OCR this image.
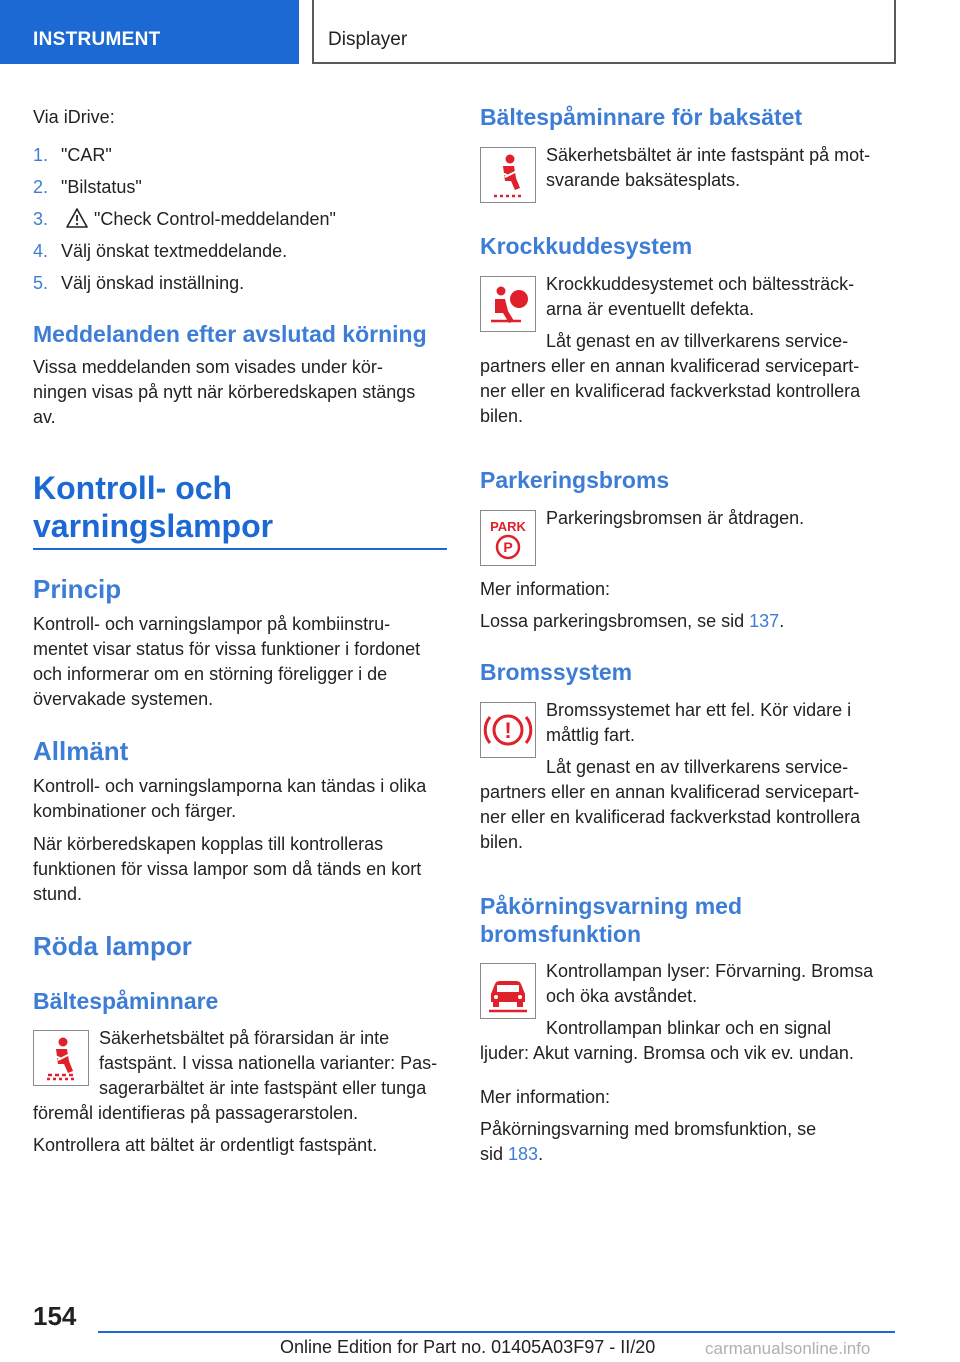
INSTRUMENT	Displayer
Via iDrive:
1. "CAR"
2. "Bilstatus"
3.	"Check Control-meddelanden"
4. Välj önskat textmeddelande.
5. Välj önskad inställning.
Meddelanden efter avslutad körning
Vissa meddelanden som visades under kör-
ningen visas på nytt när körberedskapen stängs
av.
Kontroll- och
varningslampor
Princip
Kontroll- och varningslampor på kombiinstru-
mentet visar status för vissa funktioner i fordonet
och informerar om en störning föreligger i de
övervakade systemen.
Allmänt
Kontroll- och varningslamporna kan tändas i olika
kombinationer och färger.
När körberedskapen kopplas till kontrolleras
funktionen för vissa lampor som då tänds en kort
stund.
Röda lampor
Bältespåminnare
Säkerhetsbältet på förarsidan är inte
fastspänt. I vissa nationella varianter: Pas-
sagerarbältet är inte fastspänt eller tunga
föremål identifieras på passagerarstolen.
Kontrollera att bältet är ordentligt fastspänt.
Bältespåminnare för baksätet
Säkerhetsbältet är inte fastspänt på mot-
svarande baksätesplats.
Krockkuddesystem
Krockkuddesystemet och bältessträck-
arna är eventuellt defekta.
Låt genast en av tillverkarens service-
partners eller en annan kvalificerad servicepart-
ner eller en kvalificerad fackverkstad kontrollera
bilen.
Parkeringsbroms
PARK
P
Parkeringsbromsen är åtdragen.
Mer information:
Lossa parkeringsbromsen, se sid 137.
Bromssystem
!
Bromssystemet har ett fel. Kör vidare i
måttlig fart.
Låt genast en av tillverkarens service-
partners eller en annan kvalificerad servicepart-
ner eller en kvalificerad fackverkstad kontrollera
bilen.
Påkörningsvarning med
bromsfunktion
Kontrollampan lyser: Förvarning. Bromsa
och öka avståndet.
Kontrollampan blinkar och en signal
ljuder: Akut varning. Bromsa och vik ev. undan.
Mer information:
Påkörningsvarning med bromsfunktion, se
sid 183.
154
Online Edition for Part no. 01405A03F97 - II/20	carmanualsonline.info
